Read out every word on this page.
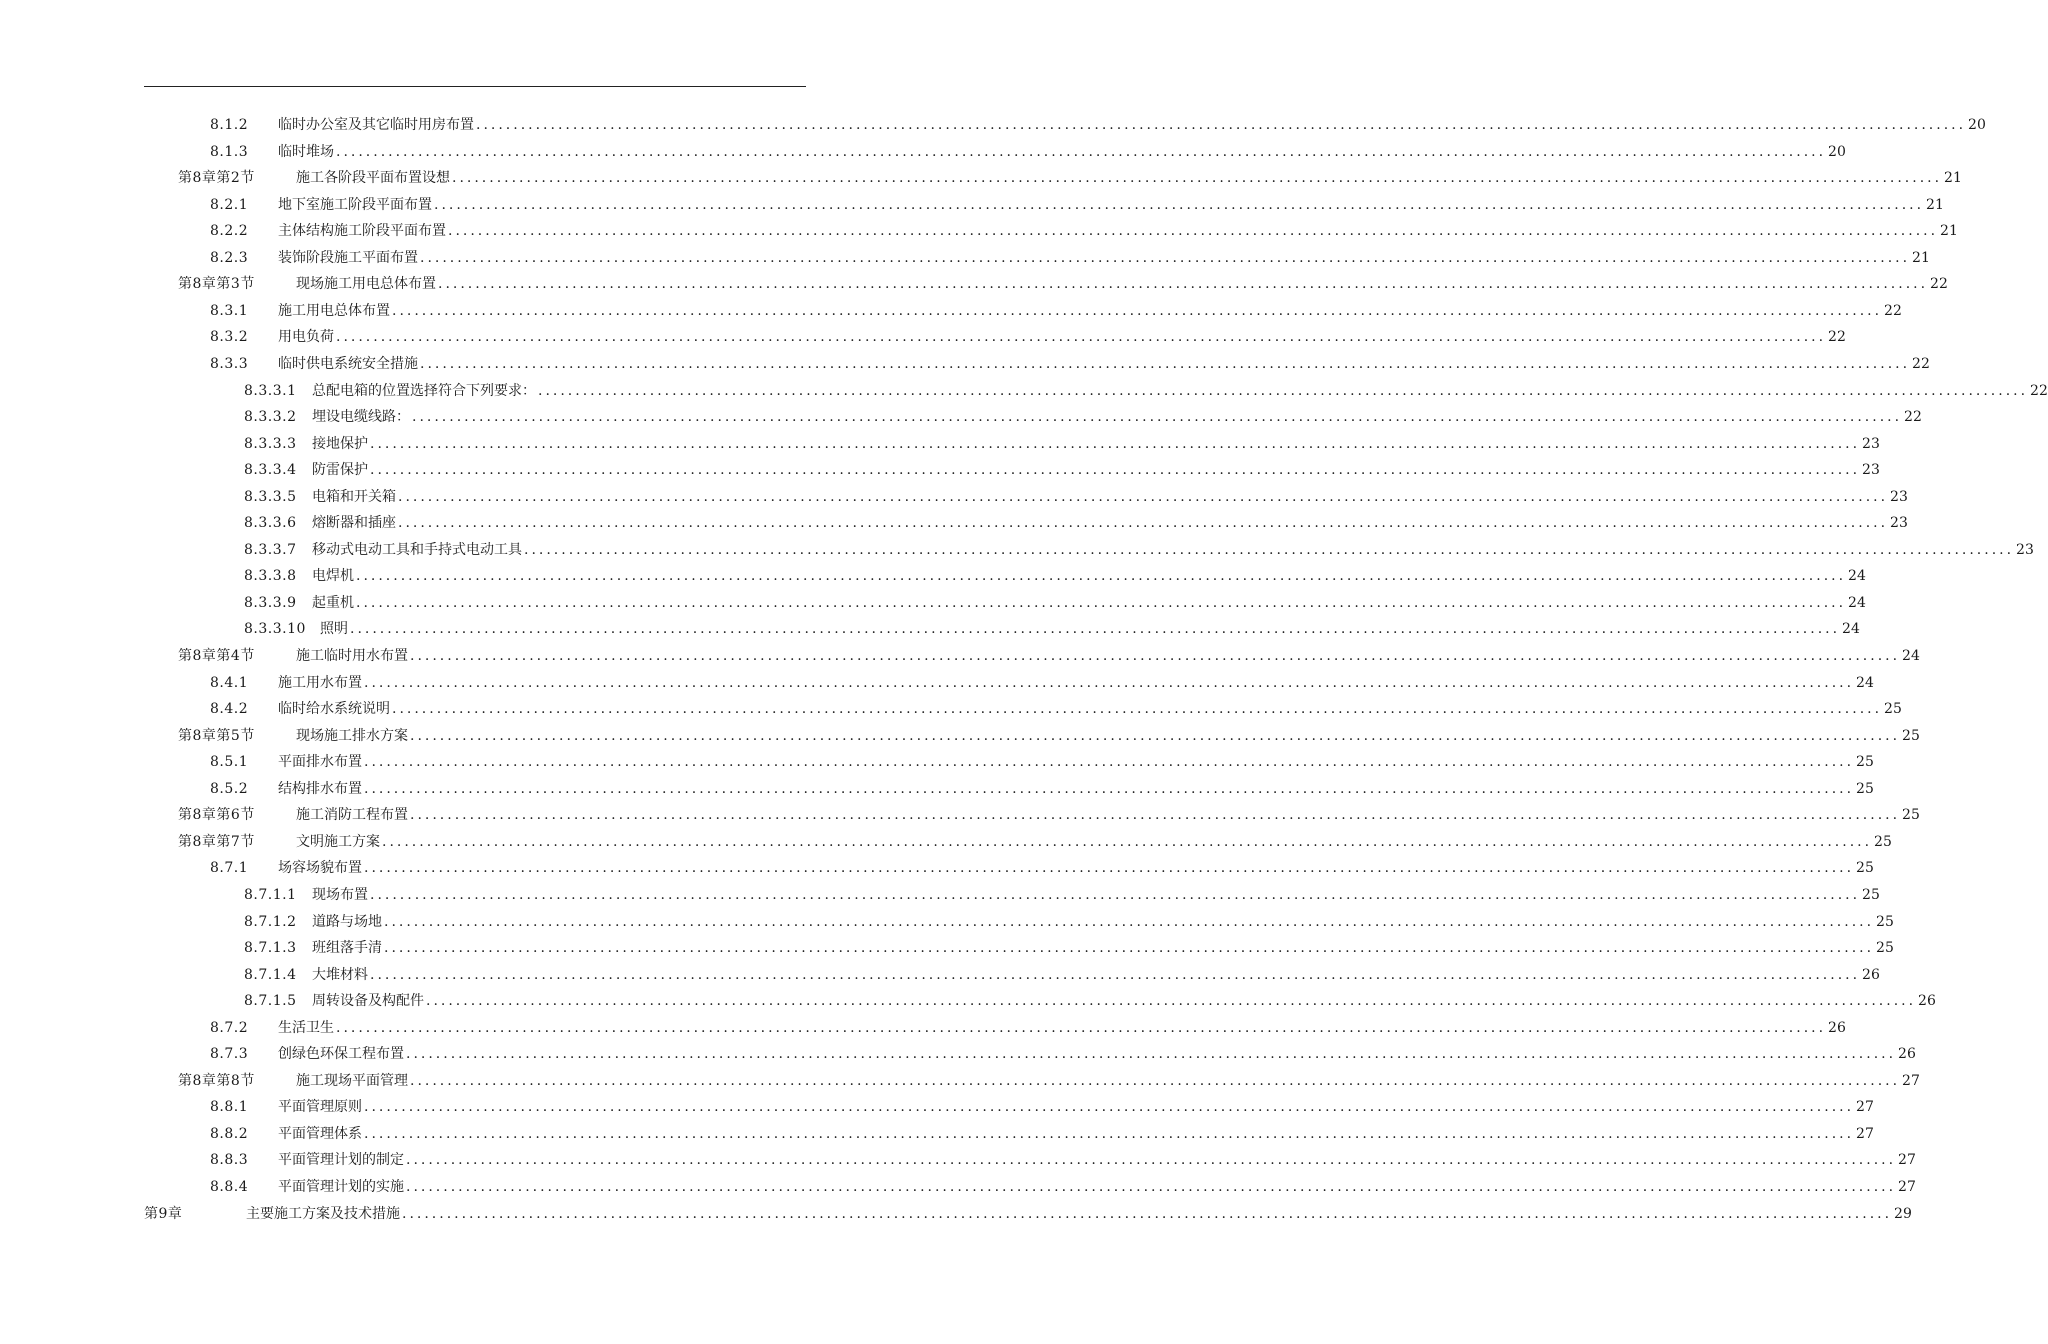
8.1.2	临时办公室及其它临时用房布置 ........................................................................................................................................................................................................ 20
8.1.3	临时堆场 ........................................................................................................................................................................................................ 20
第8章第2节	施工各阶段平面布置设想 ........................................................................................................................................................................................................ 21
8.2.1	地下室施工阶段平面布置 ........................................................................................................................................................................................................ 21
8.2.2	主体结构施工阶段平面布置 ........................................................................................................................................................................................................ 21
8.2.3	装饰阶段施工平面布置 ........................................................................................................................................................................................................ 21
第8章第3节	现场施工用电总体布置 ........................................................................................................................................................................................................ 22
8.3.1	施工用电总体布置 ........................................................................................................................................................................................................ 22
8.3.2	用电负荷 ........................................................................................................................................................................................................ 22
8.3.3	临时供电系统安全措施 ........................................................................................................................................................................................................ 22
8.3.3.1	总配电箱的位置选择符合下列要求： ........................................................................................................................................................................................................ 22
8.3.3.2	埋设电缆线路： ........................................................................................................................................................................................................ 22
8.3.3.3	接地保护 ........................................................................................................................................................................................................ 23
8.3.3.4	防雷保护 ........................................................................................................................................................................................................ 23
8.3.3.5	电箱和开关箱 ........................................................................................................................................................................................................ 23
8.3.3.6	熔断器和插座 ........................................................................................................................................................................................................ 23
8.3.3.7	移动式电动工具和手持式电动工具 ........................................................................................................................................................................................................ 23
8.3.3.8	电焊机 ........................................................................................................................................................................................................ 24
8.3.3.9	起重机 ........................................................................................................................................................................................................ 24
8.3.3.10	照明 ........................................................................................................................................................................................................ 24
第8章第4节	施工临时用水布置 ........................................................................................................................................................................................................ 24
8.4.1	施工用水布置 ........................................................................................................................................................................................................ 24
8.4.2	临时给水系统说明 ........................................................................................................................................................................................................ 25
第8章第5节	现场施工排水方案 ........................................................................................................................................................................................................ 25
8.5.1	平面排水布置 ........................................................................................................................................................................................................ 25
8.5.2	结构排水布置 ........................................................................................................................................................................................................ 25
第8章第6节	施工消防工程布置 ........................................................................................................................................................................................................ 25
第8章第7节	文明施工方案 ........................................................................................................................................................................................................ 25
8.7.1	场容场貌布置 ........................................................................................................................................................................................................ 25
8.7.1.1	现场布置 ........................................................................................................................................................................................................ 25
8.7.1.2	道路与场地 ........................................................................................................................................................................................................ 25
8.7.1.3	班组落手清 ........................................................................................................................................................................................................ 25
8.7.1.4	大堆材料 ........................................................................................................................................................................................................ 26
8.7.1.5	周转设备及构配件 ........................................................................................................................................................................................................ 26
8.7.2	生活卫生 ........................................................................................................................................................................................................ 26
8.7.3	创绿色环保工程布置 ........................................................................................................................................................................................................ 26
第8章第8节	施工现场平面管理 ........................................................................................................................................................................................................ 27
8.8.1	平面管理原则 ........................................................................................................................................................................................................ 27
8.8.2	平面管理体系 ........................................................................................................................................................................................................ 27
8.8.3	平面管理计划的制定 ........................................................................................................................................................................................................ 27
8.8.4	平面管理计划的实施 ........................................................................................................................................................................................................ 27
第9章	主要施工方案及技术措施 ........................................................................................................................................................................................................ 29
